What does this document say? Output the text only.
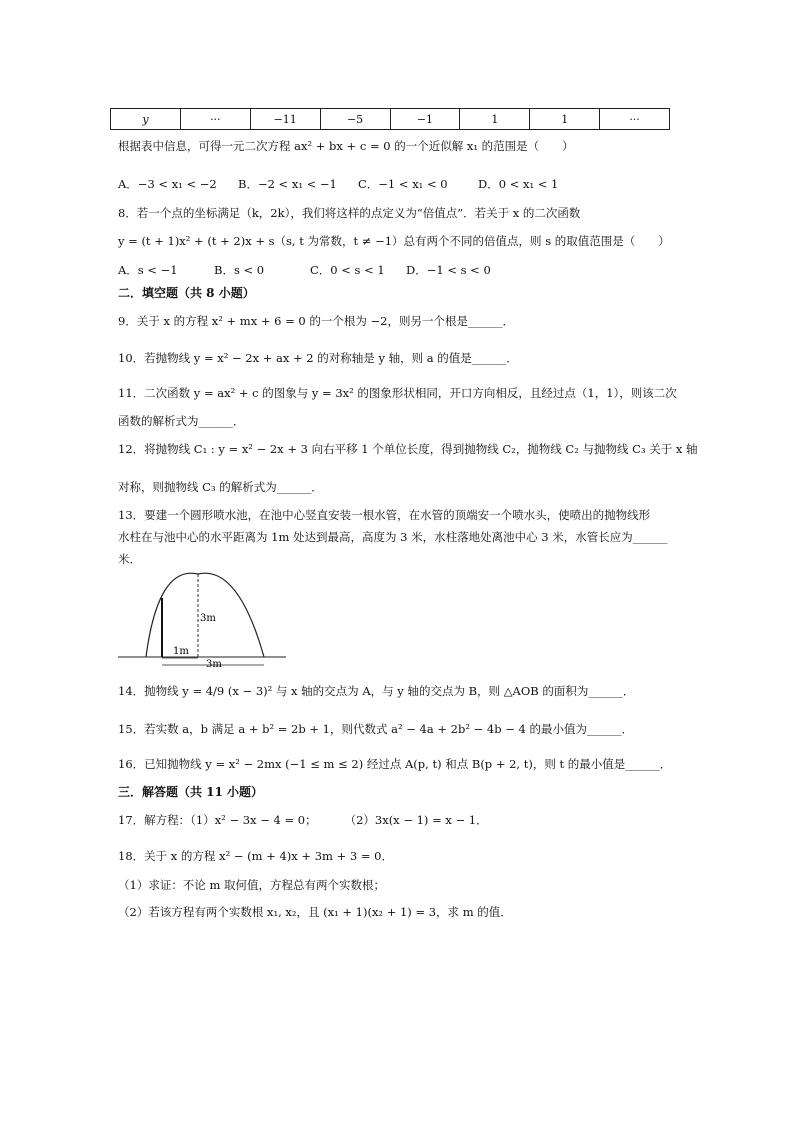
y	···	−11	−5	−1	1	1	···
根据表中信息，可得一元二次方程 ax² + bx + c = 0 的一个近似解 x₁ 的范围是（　　）
A．−3 < x₁ < −2 B．−2 < x₁ < −1 C．−1 < x₁ < 0	D．0 < x₁ < 1
8．若一个点的坐标满足（k，2k），我们将这样的点定义为“倍值点”．若关于 x 的二次函数
y = (t + 1)x² + (t + 2)x + s（s, t 为常数，t ≠ −1）总有两个不同的倍值点，则 s 的取值范围是（　　）
A．s < −1	B．s < 0	C．0 < s < 1 D．−1 < s < 0
二．填空题（共 8 小题）
9．关于 x 的方程 x² + mx + 6 = 0 的一个根为 −2，则另一个根是______．
10．若抛物线 y = x² − 2x + ax + 2 的对称轴是 y 轴，则 a 的值是______．
11．二次函数 y = ax² + c 的图象与 y = 3x² 的图象形状相同，开口方向相反，且经过点（1，1），则该二次
函数的解析式为______．
12．将抛物线 C₁ : y = x² − 2x + 3 向右平移 1 个单位长度，得到抛物线 C₂，抛物线 C₂ 与抛物线 C₃ 关于 x 轴
对称，则抛物线 C₃ 的解析式为______．
13．要建一个圆形喷水池，在池中心竖直安装一根水管，在水管的顶端安一个喷水头，使喷出的抛物线形
水柱在与池中心的水平距离为 1m 处达到最高，高度为 3 米，水柱落地处离池中心 3 米，水管长应为______
米．
3m
1m
3m
14．抛物线 y = 4/9 (x − 3)² 与 x 轴的交点为 A，与 y 轴的交点为 B，则 △AOB 的面积为______．
15．若实数 a，b 满足 a + b² = 2b + 1，则代数式 a² − 4a + 2b² − 4b − 4 的最小值为______．
16．已知抛物线 y = x² − 2mx (−1 ≤ m ≤ 2) 经过点 A(p, t) 和点 B(p + 2, t)，则 t 的最小值是______．
三．解答题（共 11 小题）
17．解方程：（1）x² − 3x − 4 = 0； （2）3x(x − 1) = x − 1．
18．关于 x 的方程 x² − (m + 4)x + 3m + 3 = 0．
（1）求证：不论 m 取何值，方程总有两个实数根；
（2）若该方程有两个实数根 x₁, x₂，且 (x₁ + 1)(x₂ + 1) = 3，求 m 的值．
